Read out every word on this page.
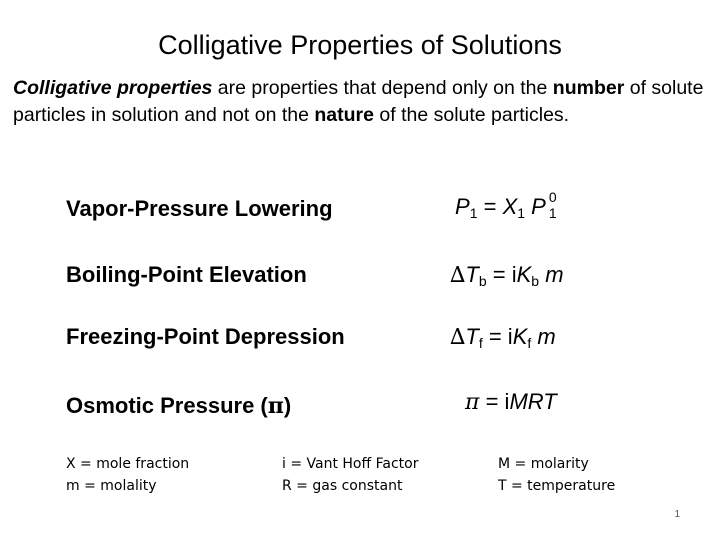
Colligative Properties of Solutions
Colligative properties are properties that depend only on the number of solute particles in solution and not on the nature of the solute particles.
Vapor-Pressure Lowering
Boiling-Point Elevation
Freezing-Point Depression
Osmotic Pressure (π)
$P_1 = X_1$ P 0
1
$\Delta T_b = iK_b$ m
$\Delta T_f = iK_f$ m
π = iMRT
X = mole fraction
m = molality
i = Vant Hoff Factor
R = gas constant
M = molarity
T = temperature
1
